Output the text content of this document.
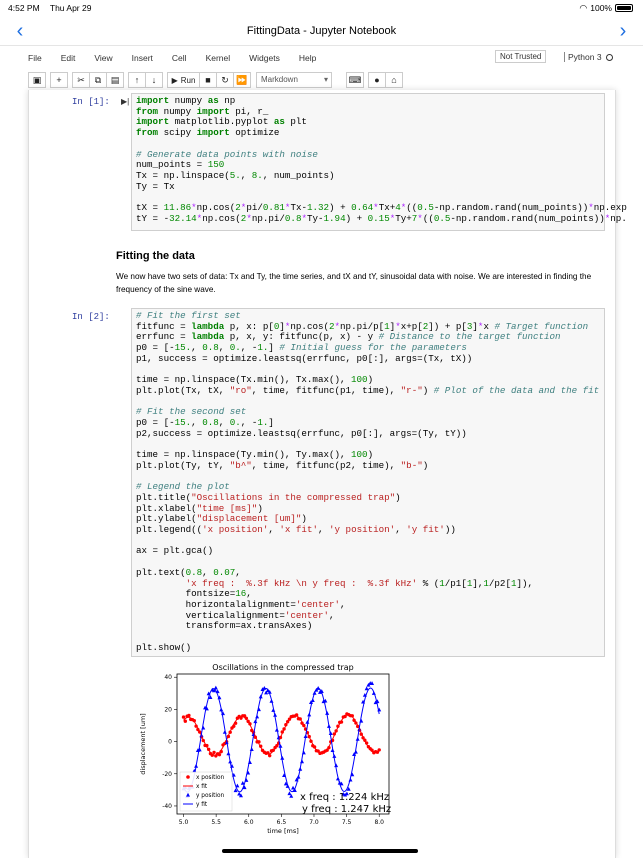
4:52 PM Thu Apr 29	◠ 100%
‹	FittingData - Jupyter Notebook	›
File Edit View Insert Cell Kernel Widgets Help	Not Trusted	Python 3
▣	+	✂	⧉	▤	↑	↓	▶ Run	■	↻ ⏩	Markdown ▾	⌨	●	⌂
In [1]: ▶| import numpy as np
from numpy import pi, r_
import matplotlib.pyplot as plt
from scipy import optimize

# Generate data points with noise
num_points = 150
Tx = np.linspace(5., 8., num_points)
Ty = Tx

tX = 11.86*np.cos(2*pi/0.81*Tx-1.32) + 0.64*Tx+4*((0.5-np.random.rand(num_points))*np.exp
tY = -32.14*np.cos(2*np.pi/0.8*Ty-1.94) + 0.15*Ty+7*((0.5-np.random.rand(num_points))*np.
Fitting the data
We now have two sets of data: Tx and Ty, the time series, and tX and tY, sinusoidal data with noise. We are interested in finding the frequency of the sine wave.
In [2]:	# Fit the first set
fitfunc = lambda p, x: p[0]*np.cos(2*np.pi/p[1]*x+p[2]) + p[3]*x # Target function
errfunc = lambda p, x, y: fitfunc(p, x) - y # Distance to the target function
p0 = [-15., 0.8, 0., -1.] # Initial guess for the parameters
p1, success = optimize.leastsq(errfunc, p0[:], args=(Tx, tX))

time = np.linspace(Tx.min(), Tx.max(), 100)
plt.plot(Tx, tX, "ro", time, fitfunc(p1, time), "r-") # Plot of the data and the fit

# Fit the second set
p0 = [-15., 0.8, 0., -1.]
p2,success = optimize.leastsq(errfunc, p0[:], args=(Ty, tY))

time = np.linspace(Ty.min(), Ty.max(), 100)
plt.plot(Ty, tY, "b^", time, fitfunc(p2, time), "b-")

# Legend the plot
plt.title("Oscillations in the compressed trap")
plt.xlabel("time [ms]")
plt.ylabel("displacement [um]")
plt.legend(('x position', 'x fit', 'y position', 'y fit'))

ax = plt.gca()

plt.text(0.8, 0.07,
'x freq :  %.3f kHz \n y freq :  %.3f kHz' % (1/p1[1],1/p2[1]),
fontsize=16,
horizontalalignment='center',
verticalalignment='center',
transform=ax.transAxes)

plt.show()
Oscillations in the compressed trap
time [ms]
displacement [um]
5.0	5.5	6.0	6.5	7.0	7.5	8.0
40
20
0
-20
-40
x position
x fit
y position
y fit
x freq : 1.224 kHz
y freq : 1.247 kHz
